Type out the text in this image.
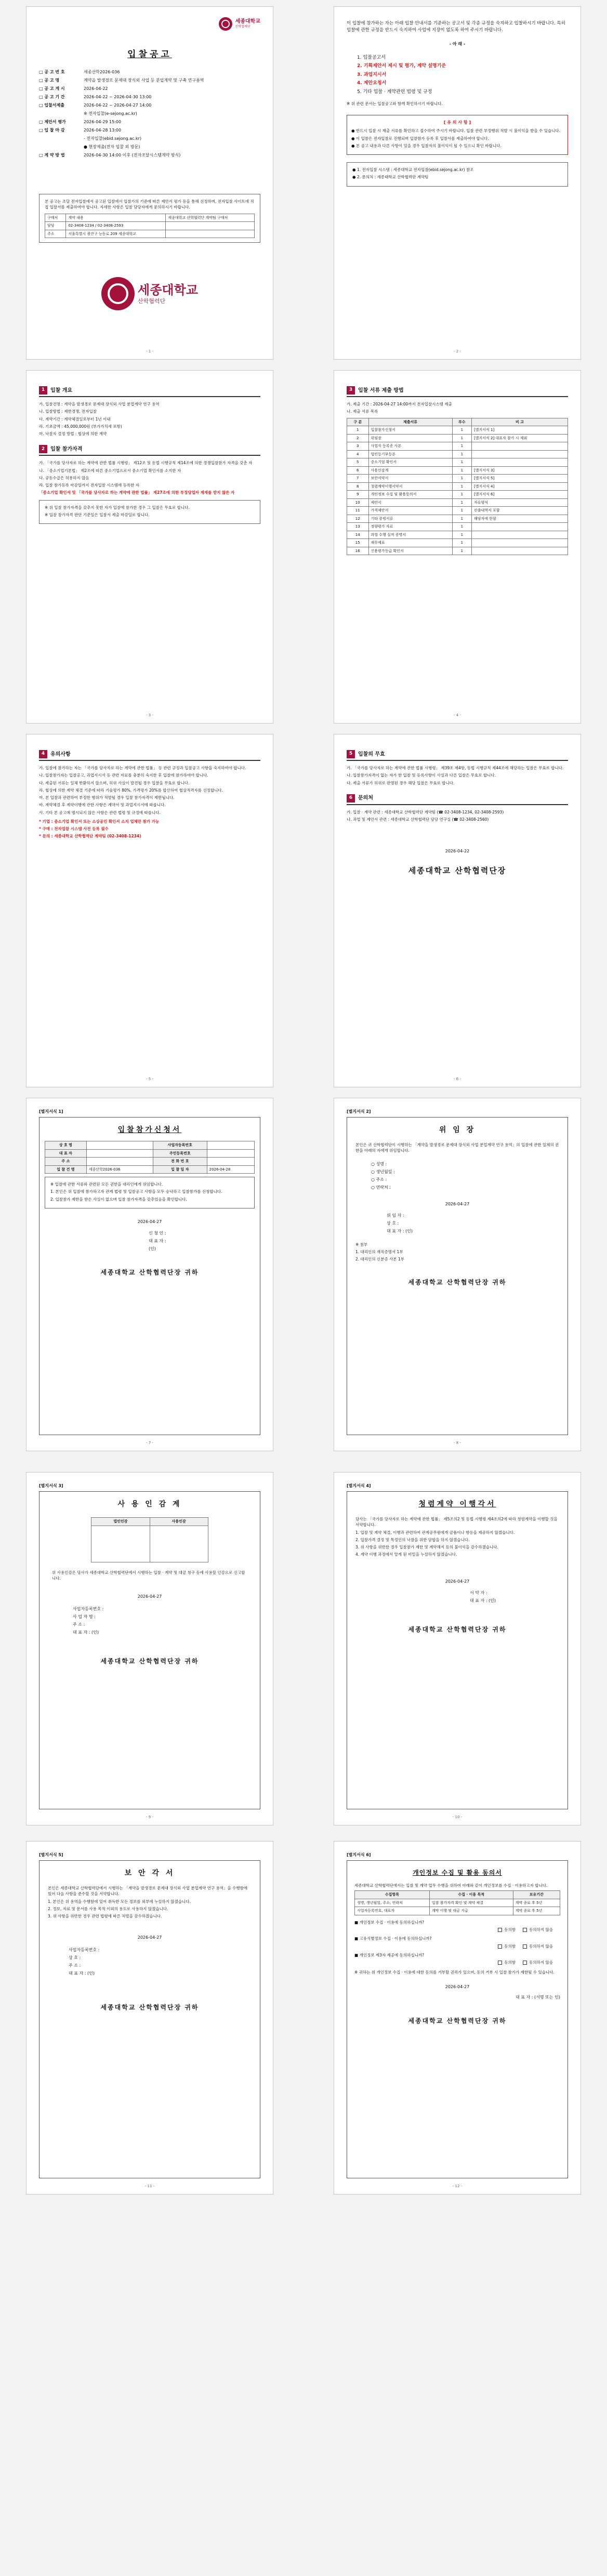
세종대학교
산학협력단
입찰공고
□ 공 고 번 호	세종산학2026-036
□ 공 고 명	계약을 발생경로 문제대 장식외 사업 등 분업계약 및 구축 연구용역
□ 공 고 게 시	2026-04-22
□ 공 고 기 간	2026-04-22 ~ 2026-04-30 13:00
□ 입찰서제출	2026-04-22 ~ 2026-04-27 14:00
※ 전자입찰(e-sejong.ac.kr)
□ 제안서 평가	2026-04-29 15:00
□ 입 찰 마 감	2026-04-28 13:00
- 전자입찰(ebid.sejong.ac.kr)
● 현장제출(전자 입찰 외 방문)
□ 계 약 방 법	2026-04-30 14:00 이후 (전자조달시스템계약 방식)
본 공고는 조달 전자입찰에서 공고된 입찰에서 입찰가의 기준에 따른 제안서 평가 등을 통해 선정하며, 전자입찰 사이트에 직접 입찰서를 제출하여야 합니다. 자세한 사항은 입찰 담당자에게 문의하시기 바랍니다.
구매처	계약 내용	세종대학교 산학협력단 계약팀 구매처
담당	02-3408-1234 / 02-3408-2593	
주소	서울특별시 광진구 능동로 209 세종대학교	
세종대학교
산학협력단
- 1 -
이 입찰에 참가하는 자는 아래 입찰 안내서를 기준하는 공고서 및 각종 규정을 숙지하고 입찰하시기 바랍니다. 특히 입찰에 관한 규정을 반드시 숙지하여 사업에 지장이 없도록 하여 주시기 바랍니다.
- 아 래 -
1. 입찰공고서
2. 기획제안서 제시 및 평가, 계약 설명기준
3. 과업지시서
4. 제안요청서
5. 기타 입찰 · 계약관련 법령 및 규정
※ 위 관련 문서는 입찰공고와 함께 확인하시기 바랍니다.
[ 유 의 사 항 ]
● 반드시 입찰 시 제출 서류를 확인하고 접수하여 주시기 바랍니다. 입찰 관련 부정행위 적발 시 불이익을 받을 수 있습니다.
● 이 입찰은 전자입찰로 진행되며 입찰참가 등록 후 입찰서를 제출하여야 합니다.
● 본 공고 내용과 다른 사항이 있을 경우 입찰자의 불이익이 될 수 있으니 확인 바랍니다.
● 1. 전자입찰 시스템 : 세종대학교 전자입찰(ebid.sejong.ac.kr) 참조
● 2. 문의처 : 세종대학교 산학협력단 계약팀
- 2 -
1	입찰 개요
가. 입찰건명 : 계약을 발생경로 문제대 장식외 사업 분업계약 연구 용역
나. 입찰방법 : 제한경쟁, 전자입찰
다. 계약기간 : 계약체결일로부터 1년 이내
라. 기초금액 : 45,000,000원 (부가가치세 포함)
마. 낙찰자 결정 방법 : 협상에 의한 계약
2	입찰 참가자격
가. 「국가를 당사자로 하는 계약에 관한 법률 시행령」 제12조 및 동법 시행규칙 제14조에 의한 경쟁입찰참가 자격을 갖춘 자
나. 「중소기업기본법」 제2조에 따른 중소기업으로서 중소기업 확인서를 소지한 자
다. 공동수급은 허용하지 않음
라. 입찰 참가등록 마감일까지 전자입찰 시스템에 등록한 자
「중소기업 확인서 및 「국가를 당사자로 하는 계약에 관한 법률」 제27조에 의한 부정당업자 제재를 받지 않은 자
※ 위 입찰 참가자격을 갖추지 못한 자가 입찰에 참가한 경우 그 입찰은 무효로 합니다.
※ 입찰 참가자격 판단 기준일은 입찰서 제출 마감일로 합니다.
- 3 -
3	입찰 서류 제출 방법
가. 제출 기간 : 2026-04-27 14:00까지 전자입찰시스템 제출
나. 제출 서류 목록
구 분	제출서류	부수	비 고
1	입찰참가신청서	1	[별지서식 1]
2	위임장	1	[별지서식 2] 대표자 참가 시 제외
3	사업자 등록증 사본	1	
4	법인등기부등본	1	
5	중소기업 확인서	1	
6	사용인감계	1	[별지서식 3]
7	보안서약서	1	[별지서식 5]
8	청렴계약이행서약서	1	[별지서식 4]
9	개인정보 수집 및 활용동의서	1	[별지서식 6]
10	제안서	1	자유양식
11	가격제안서	1	산출내역서 포함
12	기타 증빙서류	1	해당자에 한함
13	정량평가 자료	1	
14	과업 수행 실적 증명서	1	
15	재무제표	1	
16	신용평가등급 확인서	1	
- 4 -
4	유의사항
가. 입찰에 참가하는 자는 「국가를 당사자로 하는 계약에 관한 법률」 등 관련 규정과 입찰공고 사항을 숙지하여야 합니다.
나. 입찰참가자는 입찰공고, 과업지시서 등 관련 자료를 충분히 숙지한 후 입찰에 참가하여야 합니다.
다. 제출된 서류는 일체 반환하지 않으며, 허위 사실이 발견될 경우 입찰을 무효로 합니다.
라. 협상에 의한 계약 체결 기준에 따라 기술평가 80%, 가격평가 20%를 합산하여 협상적격자를 선정합니다.
마. 본 입찰과 관련하여 부정한 행위가 적발될 경우 입찰 참가자격이 제한됩니다.
바. 계약체결 후 계약이행에 관한 사항은 계약서 및 과업지시서에 따릅니다.
사. 기타 본 공고에 명시되지 않은 사항은 관련 법령 및 규정에 따릅니다.
* 기업 : 중소기업 확인서 또는 소상공인 확인서 소지 업체만 참가 가능
* 구매 : 전자입찰 시스템 사전 등록 필수
* 문의 : 세종대학교 산학협력단 계약팀 (02-3408-1234)
- 5 -
5	입찰의 무효
가. 「국가를 당사자로 하는 계약에 관한 법률 시행령」 제39조 제4항, 동법 시행규칙 제44조에 해당하는 입찰은 무효로 합니다.
나. 입찰참가자격이 없는 자가 한 입찰 및 등록사항이 사실과 다른 입찰은 무효로 합니다.
다. 제출 서류가 허위로 판명된 경우 해당 입찰은 무효로 합니다.
6	문의처
가. 입찰 · 계약 관련 : 세종대학교 산학협력단 계약팀 (☎ 02-3408-1234, 02-3408-2593)
나. 과업 및 제안서 관련 : 세종대학교 산학협력단 담당 연구실 (☎ 02-3408-2560)
2026-04-22
세종대학교 산학협력단장
- 6 -
[별지서식 1]
입찰참가신청서
상 호 명		사업자등록번호	
대 표 자		주민등록번호	
주 소		전 화 번 호	
입 찰 건 명	세종산학2026-036	입 찰 일 자	2026-04-28
※ 입찰에 관한 서류와 관련된 모든 권한을 대리인에게 위임합니다.
1. 본인은 위 입찰에 참가하고자 관계 법령 및 입찰공고 사항을 모두 승낙하고 입찰참가를 신청합니다.
2. 입찰참가 제한을 받은 사실이 없으며 입찰 참가자격을 갖추었음을 확인합니다.
2026-04-27
신 청 인 :
대 표 자 :
(인)
세종대학교 산학협력단장 귀하
- 7 -
[별지서식 2]
위 임 장
본인은 귀 산학협력단이 시행하는 「계약을 발생경로 문제대 장식외 사업 분업계약 연구 용역」의 입찰에 관한 일체의 권한을 아래의 자에게 위임합니다.
○ 성명 :
○ 생년월일 :
○ 주소 :
○ 연락처 :
2026-04-27
위 임 자 :
상 호 :
대 표 자 : (인)
※ 첨부
1. 대리인의 재직증명서 1부
2. 대리인의 신분증 사본 1부
세종대학교 산학협력단장 귀하
- 8 -
[별지서식 3]
사 용 인 감 계
법인인감	사용인감

위 사용인감은 당사가 세종대학교 산학협력단에서 시행하는 입찰 · 계약 및 대금 청구 등에 사용할 인감으로 신고합니다.
2026-04-27
사업자등록번호 :
사 업 자 명 :
주 소 :
대 표 자 : (인)
세종대학교 산학협력단장 귀하
- 9 -
[별지서식 4]
청렴계약 이행각서
당사는 「국가를 당사자로 하는 계약에 관한 법률」 제5조의2 및 동법 시행령 제4조의2에 따라 청렴계약을 이행할 것을 서약합니다.
1. 입찰 및 계약 체결, 이행과 관련하여 관계공무원에게 금품이나 향응을 제공하지 않겠습니다.
2. 입찰가격 결정 및 특정인의 낙찰을 위한 담합을 하지 않겠습니다.
3. 위 사항을 위반한 경우 입찰참가 제한 및 계약해지 등의 불이익을 감수하겠습니다.
4. 계약 이행 과정에서 알게 된 비밀을 누설하지 않겠습니다.
2026-04-27
서 약 자 :
대 표 자 : (인)
세종대학교 산학협력단장 귀하
- 10 -
[별지서식 5]
보 안 각 서
본인은 세종대학교 산학협력단에서 시행하는 「계약을 발생경로 문제대 장식외 사업 분업계약 연구 용역」을 수행함에 있어 다음 사항을 준수할 것을 서약합니다.
1. 본인은 위 용역을 수행함에 있어 취득한 모든 정보를 외부에 누설하지 않겠습니다.
2. 정보, 자료 및 문서를 사용 목적 이외의 용도로 사용하지 않겠습니다.
3. 위 사항을 위반한 경우 관련 법령에 따른 처벌을 감수하겠습니다.
2026-04-27
사업자등록번호 :
상 호 :
주 소 :
대 표 자 : (인)
세종대학교 산학협력단장 귀하
- 11 -
[별지서식 6]
개인정보 수집 및 활용 동의서
세종대학교 산학협력단에서는 입찰 및 계약 업무 수행을 위하여 아래와 같이 개인정보를 수집 · 이용하고자 합니다.
수집항목	수집 · 이용 목적	보유기간
성명, 생년월일, 주소, 연락처	입찰 참가자격 확인 및 계약 체결	계약 종료 후 5년
사업자등록번호, 대표자	계약 이행 및 대금 지급	계약 종료 후 5년
■ 개인정보 수집 · 이용에 동의하십니까?
동의함	동의하지 않음
■ 고유식별정보 수집 · 이용에 동의하십니까?
동의함	동의하지 않음
■ 개인정보 제3자 제공에 동의하십니까?
동의함	동의하지 않음
※ 귀하는 위 개인정보 수집 · 이용에 대한 동의를 거부할 권리가 있으며, 동의 거부 시 입찰 참가가 제한될 수 있습니다.
2026-04-27
대 표 자 : (서명 또는 인)
세종대학교 산학협력단장 귀하
- 12 -
